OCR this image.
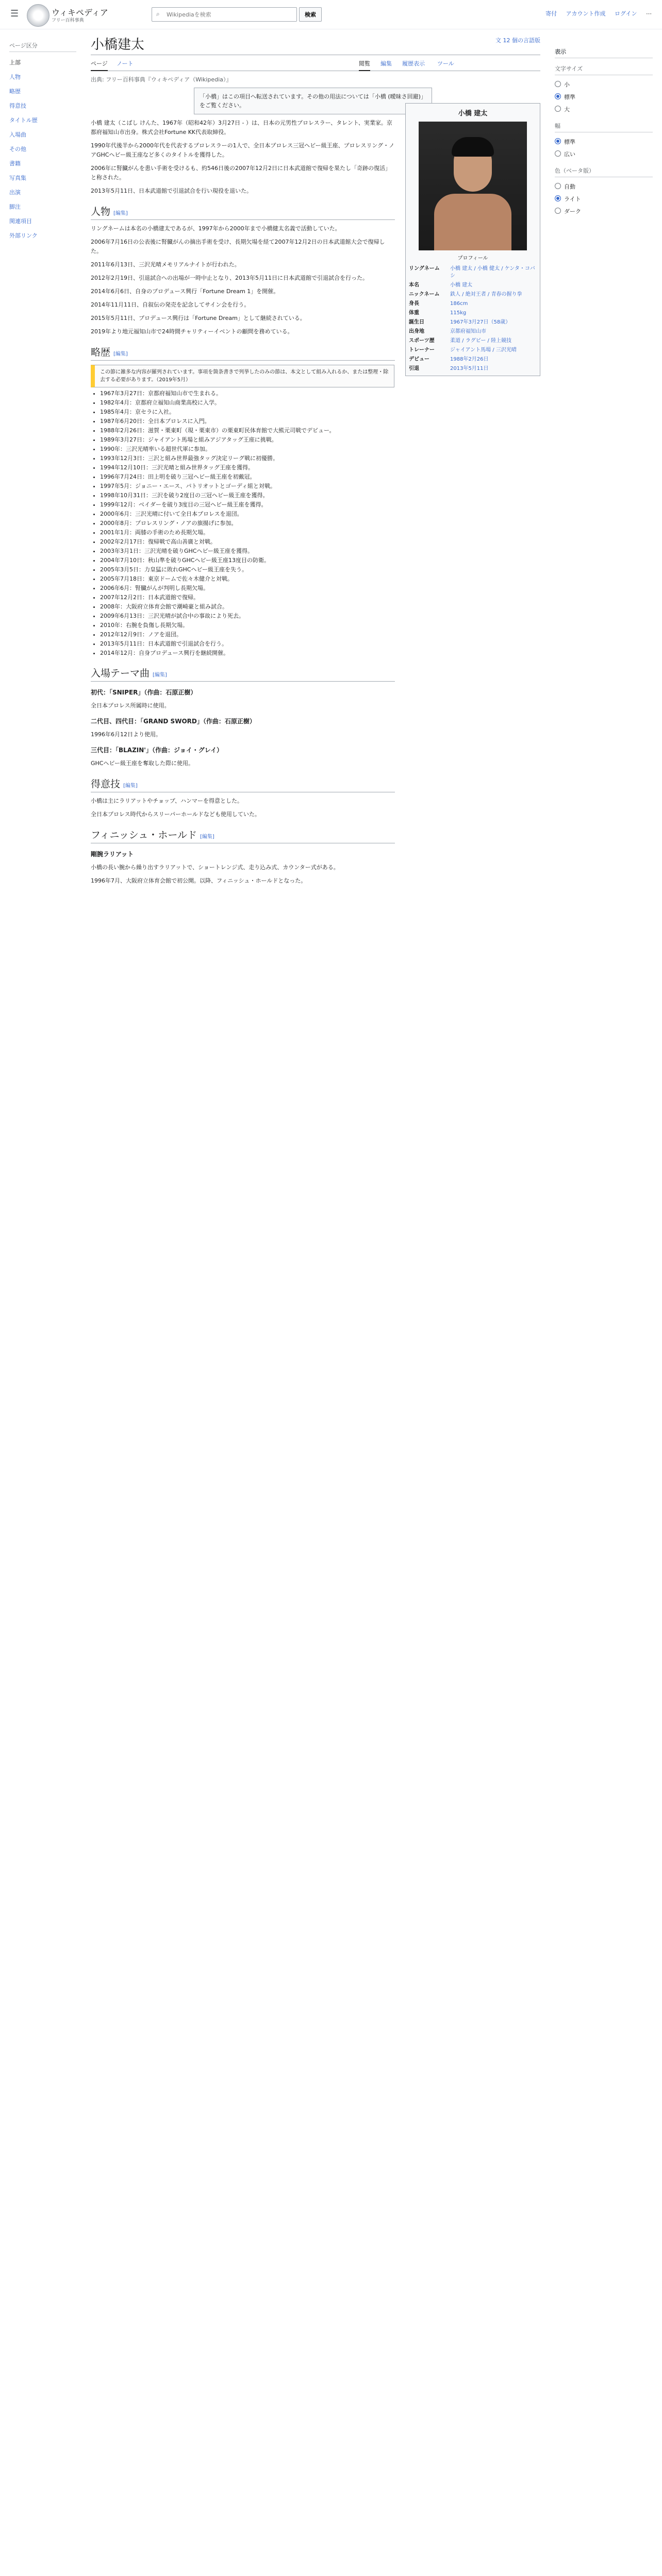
☰	ウィキペディア
フリー百科事典
⌕
Wikipediaを検索	検索	寄付 アカウント作成 ログイン ⋯
ページ区分
上部
人物
略歴
得意技
タイトル歴
入場曲
その他
書籍
写真集
出演
脚注
関連項目
外部リンク
小橋建太	文 12 個の言語版
ページ ノート	閲覧 編集 履歴表示 ツール
出典: フリー百科事典『ウィキペディア（Wikipedia）』
「小橋」はこの項目へ転送されています。その他の用法については「小橋 (曖昧さ回避)」をご覧ください。
小橋 建太
プロフィール
リングネーム	小橋 建太 / 小橋 健太 / ケンタ・コバシ
本名	小橋 建太
ニックネーム	鉄人 / 絶対王者 / 青春の握り拳
身長	186cm
体重	115kg
誕生日	1967年3月27日（58歳）
出身地	京都府福知山市
スポーツ歴	柔道 / ラグビー / 陸上競技
トレーナー	ジャイアント馬場 / 三沢光晴
デビュー	1988年2月26日
引退	2013年5月11日

小橋 建太（こばし けんた、1967年（昭和42年）3月27日 - ）は、日本の元男性プロレスラー、タレント、実業家。京都府福知山市出身。株式会社Fortune KK代表取締役。

1990年代後半から2000年代を代表するプロレスラーの1人で、全日本プロレス三冠ヘビー級王座、プロレスリング・ノアGHCヘビー級王座など多くのタイトルを獲得した。

2006年に腎臓がんを患い手術を受けるも、約546日後の2007年12月2日に日本武道館で復帰を果たし「奇跡の復活」と称された。

2013年5月11日、日本武道館で引退試合を行い現役を退いた。

人物 [編集]

リングネームは本名の小橋建太であるが、1997年から2000年まで小橋健太名義で活動していた。

2006年7月16日の公表後に腎臓がんの摘出手術を受け、長期欠場を経て2007年12月2日の日本武道館大会で復帰した。

2011年6月13日、三沢光晴メモリアルナイトが行われた。

2012年2月19日、引退試合への出場が一時中止となり、2013年5月11日に日本武道館で引退試合を行った。

2014年6月6日、自身のプロデュース興行「Fortune Dream 1」を開催。

2014年11月11日、自叙伝の発売を記念してサイン会を行う。

2015年5月11日、プロデュース興行は「Fortune Dream」として継続されている。

2019年より地元福知山市で24時間チャリティーイベントの顧問を務めている。

略歴 [編集]
この節に雑多な内容が羅列されています。事項を箇条書きで列挙したのみの節は、本文として組み入れるか、または整理・除去する必要があります。（2019年5月）
• 1967年3月27日：京都府福知山市で生まれる。
• 1982年4月：京都府立福知山商業高校に入学。
• 1985年4月：京セラに入社。
• 1987年6月20日：全日本プロレスに入門。
• 1988年2月26日：滋賀・栗東町（現・栗東市）の栗東町民体育館で大熊元司戦でデビュー。
• 1989年3月27日：ジャイアント馬場と組みアジアタッグ王座に挑戦。
• 1990年：三沢光晴率いる超世代軍に参加。
• 1993年12月3日：三沢と組み世界最強タッグ決定リーグ戦に初優勝。
• 1994年12月10日：三沢光晴と組み世界タッグ王座を獲得。
• 1996年7月24日：田上明を破り三冠ヘビー級王座を初戴冠。
• 1997年5月：ジョニー・エース、パトリオットとゴーディ組と対戦。
• 1998年10月31日：三沢を破り2度目の三冠ヘビー級王座を獲得。
• 1999年12月：ベイダーを破り3度目の三冠ヘビー級王座を獲得。
• 2000年6月：三沢光晴に付いて全日本プロレスを退団。
• 2000年8月：プロレスリング・ノアの旗揚げに参加。
• 2001年1月：両膝の手術のため長期欠場。
• 2002年2月17日：復帰戦で高山善廣と対戦。
• 2003年3月1日：三沢光晴を破りGHCヘビー級王座を獲得。
• 2004年7月10日：秋山準を破りGHCヘビー級王座13度目の防衛。
• 2005年3月5日：力皇猛に敗れGHCヘビー級王座を失う。
• 2005年7月18日：東京ドームで佐々木健介と対戦。
• 2006年6月：腎臓がんが判明し長期欠場。
• 2007年12月2日：日本武道館で復帰。
• 2008年：大阪府立体育会館で潮崎豪と組み試合。
• 2009年6月13日：三沢光晴が試合中の事故により死去。
• 2010年：右腕を負傷し長期欠場。
• 2012年12月9日：ノアを退団。
• 2013年5月11日：日本武道館で引退試合を行う。
• 2014年12月：自身プロデュース興行を継続開催。
入場テーマ曲 [編集]
初代：「SNIPER」（作曲：石原正樹）

全日本プロレス所属時に使用。

二代目、四代目：「GRAND SWORD」（作曲：石原正樹）

1996年6月12日より使用。

三代目：「BLAZIN'」（作曲：ジョイ・グレイ）

GHCヘビー級王座を奪取した際に使用。

得意技 [編集]

小橋は主にラリアットやチョップ、ハンマーを得意とした。

全日本プロレス時代からスリーパーホールドなども使用していた。

フィニッシュ・ホールド [編集]
剛腕ラリアット

小橋の長い腕から繰り出すラリアットで、ショートレンジ式、走り込み式、カウンター式がある。

1996年7月、大阪府立体育会館で初公開。以降、フィニッシュ・ホールドとなった。

表示
文字サイズ
小
標準
大
幅
標準
広い
色（ベータ版）
自動
ライト
ダーク
